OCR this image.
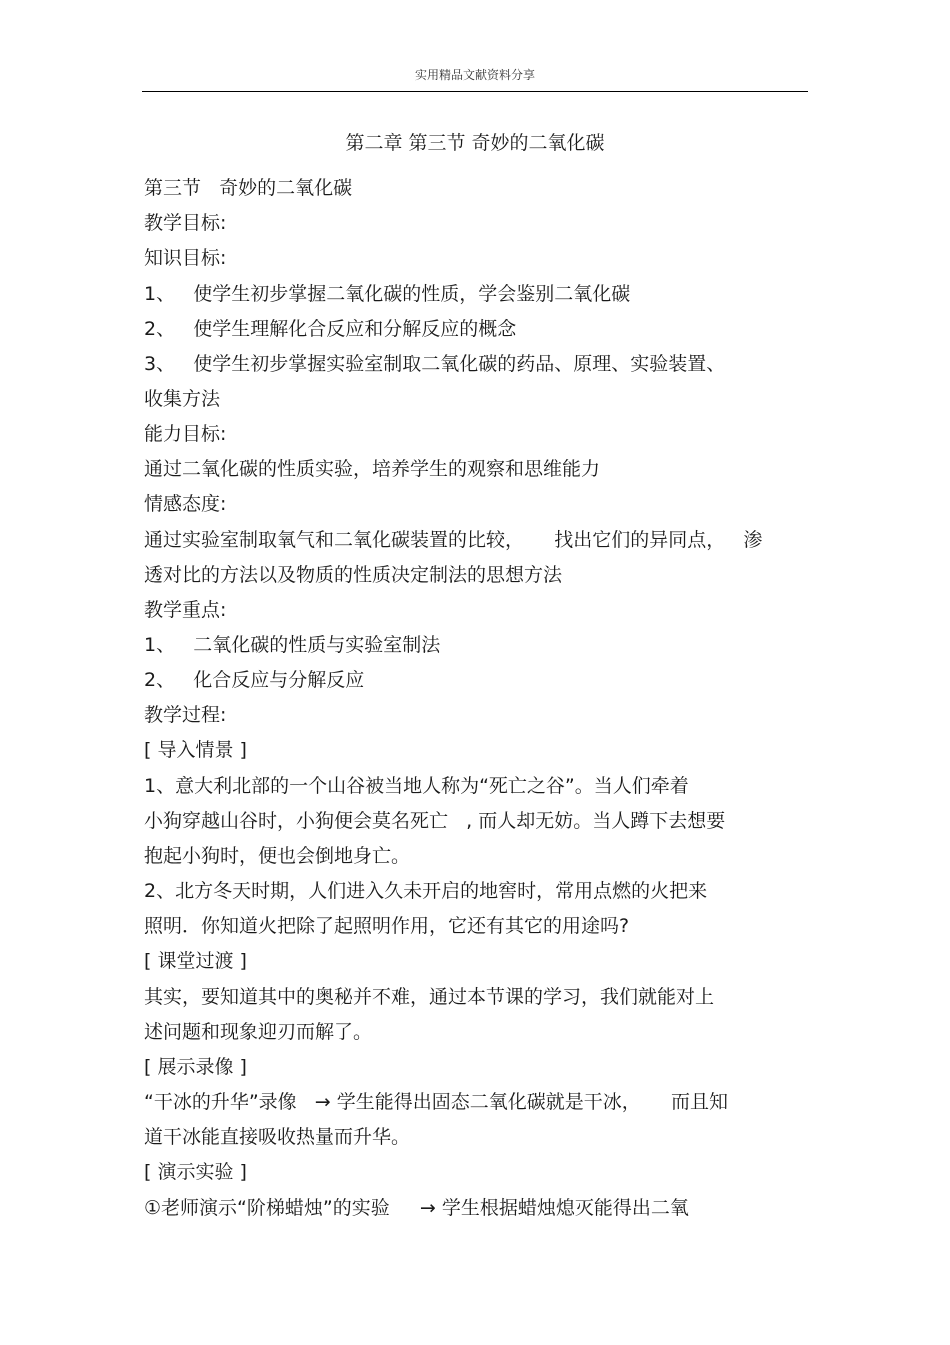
实用精品文献资料分享
第二章 第三节 奇妙的二氧化碳
第三节   奇妙的二氧化碳
教学目标:
知识目标:
1、   使学生初步掌握二氧化碳的性质，学会鉴别二氧化碳
2、   使学生理解化合反应和分解反应的概念
3、   使学生初步掌握实验室制取二氧化碳的药品、原理、实验装置、
收集方法
能力目标:
通过二氧化碳的性质实验，培养学生的观察和思维能力
情感态度:
通过实验室制取氧气和二氧化碳装置的比较，     找出它们的异同点，   渗
透对比的方法以及物质的性质决定制法的思想方法
教学重点:
1、   二氧化碳的性质与实验室制法
2、   化合反应与分解反应
教学过程:
[ 导入情景 ]
1、意大利北部的一个山谷被当地人称为“死亡之谷”。当人们牵着
小狗穿越山谷时，小狗便会莫名死亡   , 而人却无妨。当人蹲下去想要
抱起小狗时，便也会倒地身亡。
2、北方冬天时期，人们进入久未开启的地窖时，常用点燃的火把来
照明．你知道火把除了起照明作用，它还有其它的用途吗?
[ 课堂过渡 ]
其实，要知道其中的奥秘并不难，通过本节课的学习，我们就能对上
述问题和现象迎刃而解了。
[ 展示录像 ]
“干冰的升华”录像   → 学生能得出固态二氧化碳就是干冰，     而且知
道干冰能直接吸收热量而升华。
[ 演示实验 ]
①老师演示“阶梯蜡烛”的实验     → 学生根据蜡烛熄灭能得出二氧
